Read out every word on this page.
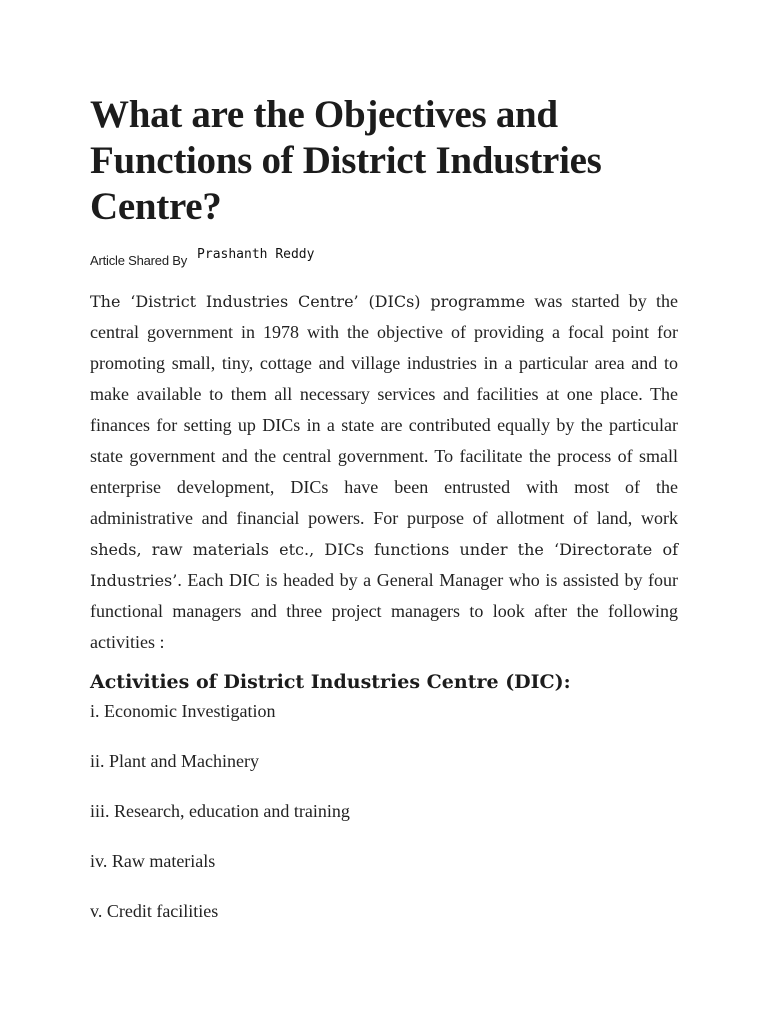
What are the Objectives and Functions of District Industries Centre?
Article Shared By Prashanth Reddy

The ‘District Industries Centre’ (DICs) programme was started by the central government in 1978 with the objective of providing a focal point for promoting small, tiny, cottage and village industries in a particular area and to make available to them all necessary services and facilities at one place. The finances for setting up DICs in a state are contributed equally by the particular state government and the central government. To facilitate the process of small enterprise development, DICs have been entrusted with most of the administrative and financial powers. For purpose of allotment of land, work sheds, raw materials etc., DICs functions under the ‘Directorate of Industries’. Each DIC is headed by a General Manager who is assisted by four functional managers and three project managers to look after the following activities :

Activities of District Industries Centre (DIC):
i. Economic Investigation
ii. Plant and Machinery
iii. Research, education and training
iv. Raw materials
v. Credit facilities
